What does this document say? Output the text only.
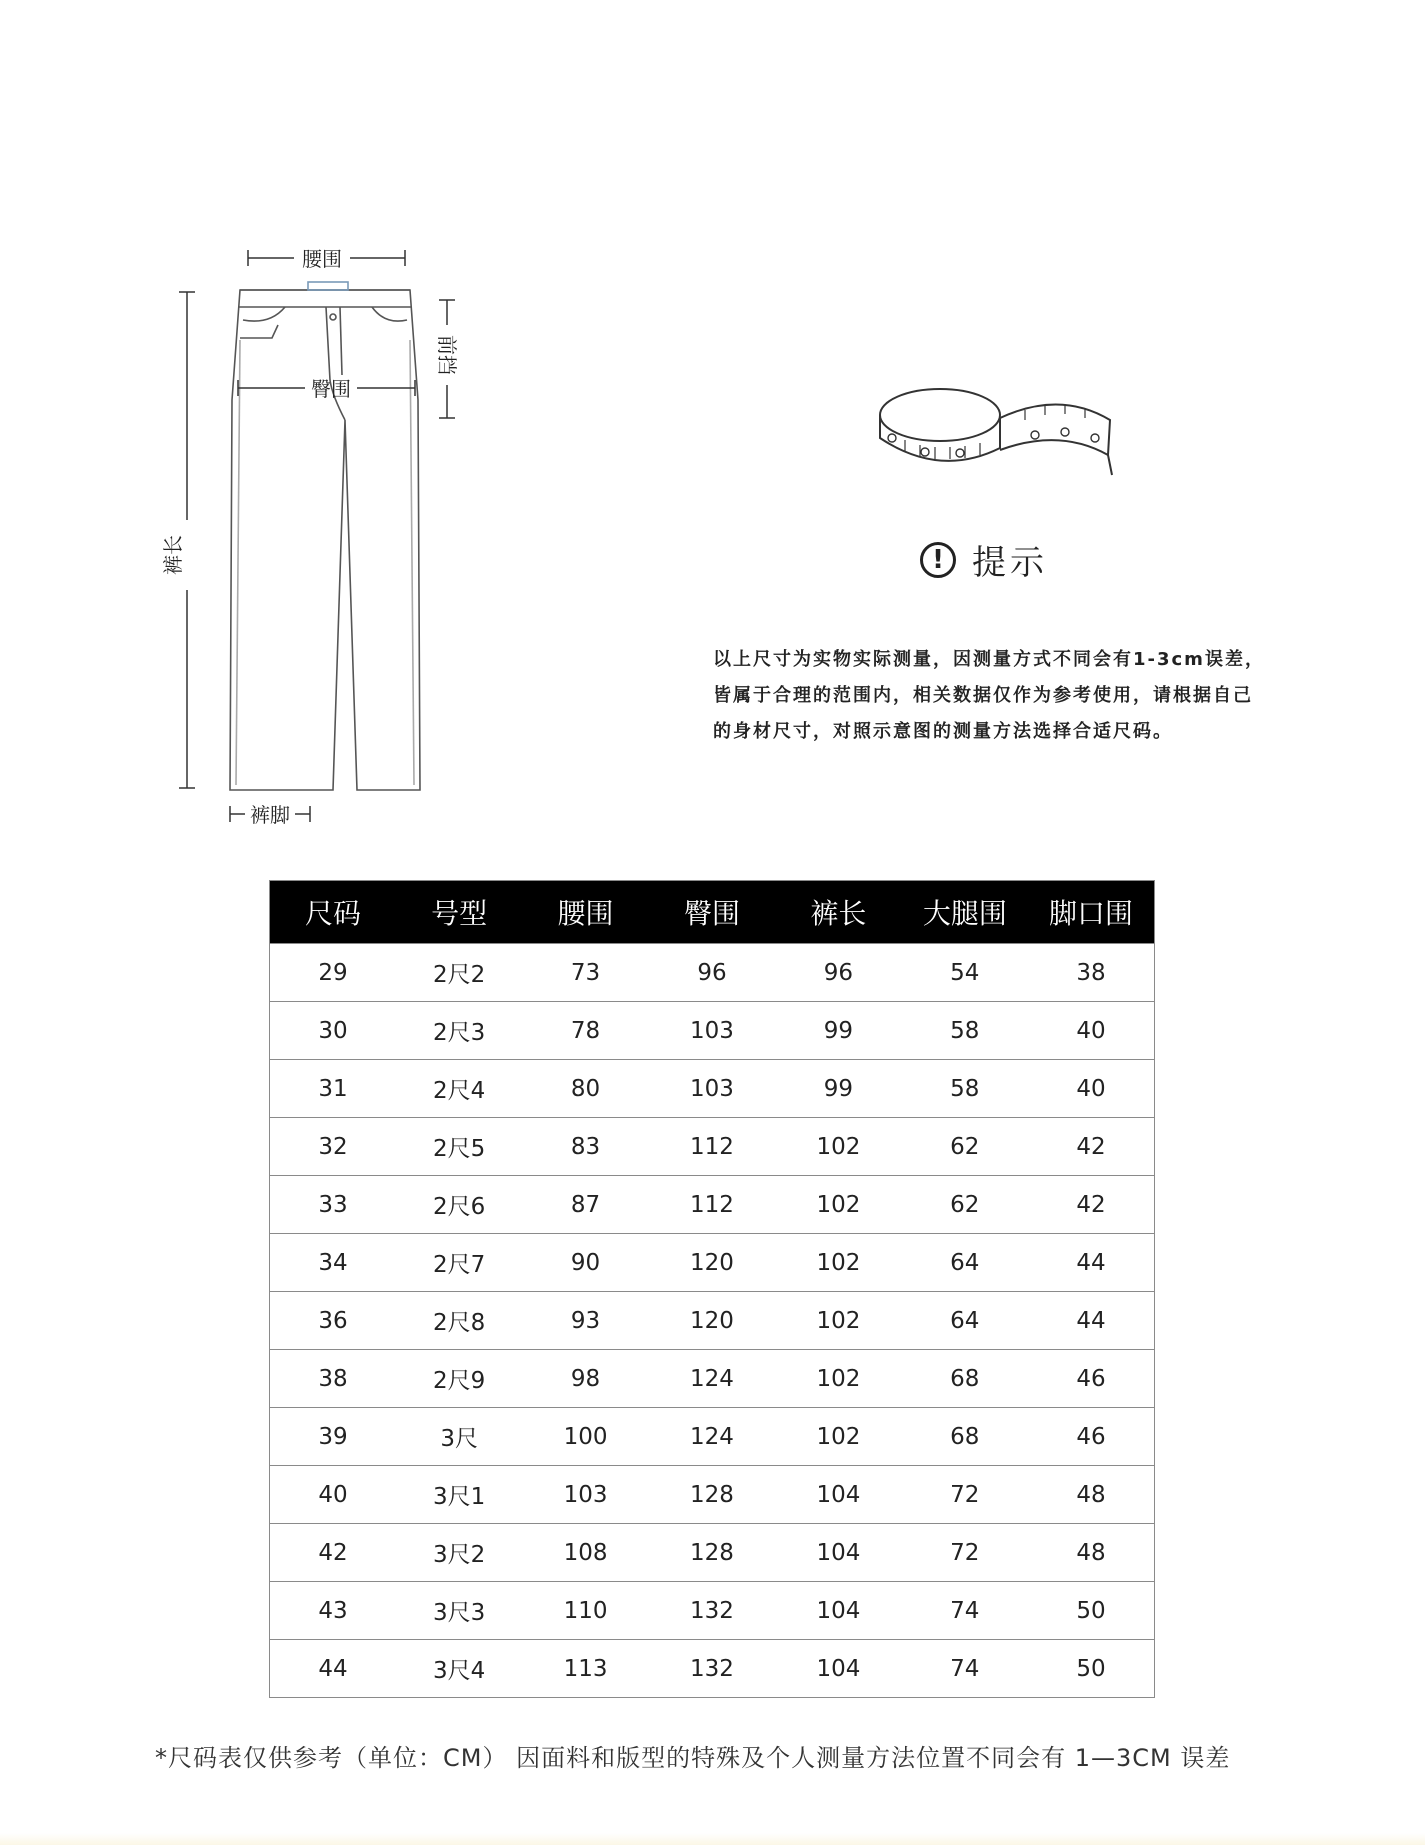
腰围
臀围
前挡
裤长
裤脚
! 提示
以上尺寸为实物实际测量，因测量方式不同会有1-3cm误差，
皆属于合理的范围内，相关数据仅作为参考使用，请根据自己
的身材尺寸，对照示意图的测量方法选择合适尺码。
尺码	号型	腰围	臀围	裤长	大腿围	脚口围
29	2尺2	73	96	96	54	38
30	2尺3	78	103	99	58	40
31	2尺4	80	103	99	58	40
32	2尺5	83	112	102	62	42
33	2尺6	87	112	102	62	42
34	2尺7	90	120	102	64	44
36	2尺8	93	120	102	64	44
38	2尺9	98	124	102	68	46
39	3尺	100	124	102	68	46
40	3尺1	103	128	104	72	48
42	3尺2	108	128	104	72	48
43	3尺3	110	132	104	74	50
44	3尺4	113	132	104	74	50
*尺码表仅供参考（单位：CM） 因面料和版型的特殊及个人测量方法位置不同会有 1—3CM 误差
